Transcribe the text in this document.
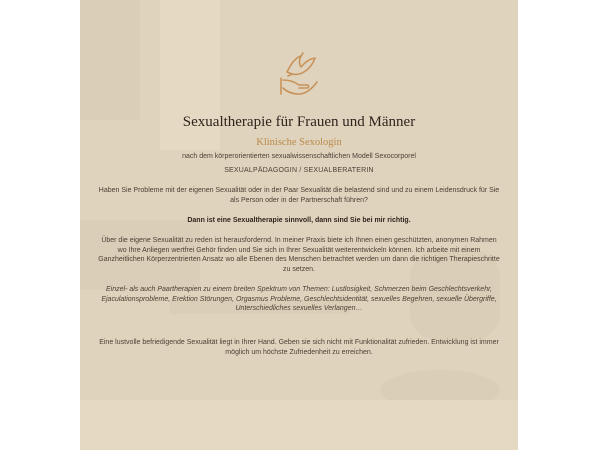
Sexualtherapie für Frauen und Männer

Klinische Sexologin

nach dem körperorientierten sexualwissenschaftlichen Modell Sexocorporel
SEXUALPÄDAGOGIN / SEXUALBERATERIN

Haben Sie Probleme mit der eigenen Sexualität oder in der Paar Sexualität die belastend sind und zu einem Leidensdruck für Sie als Person oder in der Partnerschaft führen?

Dann ist eine Sexualtherapie sinnvoll, dann sind Sie bei mir richtig.

Über die eigene Sexualität zu reden ist herausfordernd. In meiner Praxis biete ich Ihnen einen geschützten, anonymen Rahmen wo Ihre Anliegen wertfrei Gehör finden und Sie sich in Ihrer Sexualität weiterentwickeln können. Ich arbeite mit einem Ganzheitlichen Körperzentrierten Ansatz wo alle Ebenen des Menschen betrachtet werden um dann die richtigen Therapieschritte zu setzen.

Einzel- als auch Paartherapien zu einem breiten Spektrum von Themen: Lustlosigkeit, Schmerzen beim Geschlechtsverkehr, Ejaculationsprobleme, Erektion Störungen, Orgasmus Probleme, Geschlechtsidentität, sexuelles Begehren, sexuelle Übergriffe, Unterschiedliches sexuelles Verlangen…

Eine lustvolle befriedigende Sexualität liegt in Ihrer Hand. Geben sie sich nicht mit Funktionalität zufrieden. Entwicklung ist immer möglich um höchste Zufriedenheit zu erreichen.
